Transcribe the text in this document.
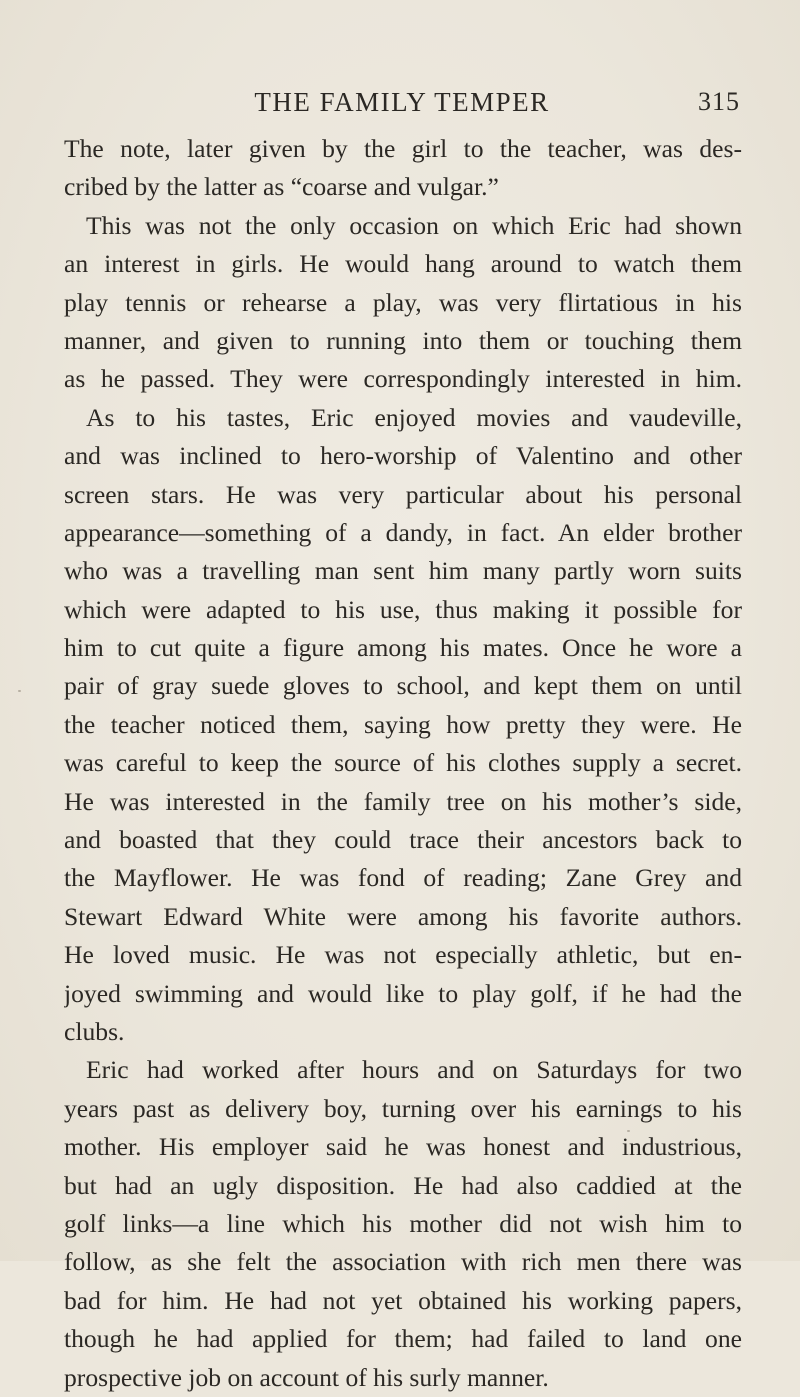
THE FAMILY TEMPER	315
The note, later given by the girl to the teacher, was des-
cribed by the latter as “coarse and vulgar.”
This was not the only occasion on which Eric had shown
an interest in girls. He would hang around to watch them
play tennis or rehearse a play, was very flirtatious in his
manner, and given to running into them or touching them
as he passed. They were correspondingly interested in him.
As to his tastes, Eric enjoyed movies and vaudeville,
and was inclined to hero-worship of Valentino and other
screen stars. He was very particular about his personal
appearance—something of a dandy, in fact. An elder brother
who was a travelling man sent him many partly worn suits
which were adapted to his use, thus making it possible for
him to cut quite a figure among his mates. Once he wore a
pair of gray suede gloves to school, and kept them on until
the teacher noticed them, saying how pretty they were. He
was careful to keep the source of his clothes supply a secret.
He was interested in the family tree on his mother’s side,
and boasted that they could trace their ancestors back to
the Mayflower. He was fond of reading; Zane Grey and
Stewart Edward White were among his favorite authors.
He loved music. He was not especially athletic, but en-
joyed swimming and would like to play golf, if he had the
clubs.
Eric had worked after hours and on Saturdays for two
years past as delivery boy, turning over his earnings to his
mother. His employer said he was honest and industrious,
but had an ugly disposition. He had also caddied at the
golf links—a line which his mother did not wish him to
follow, as she felt the association with rich men there was
bad for him. He had not yet obtained his working papers,
though he had applied for them; had failed to land one
prospective job on account of his surly manner.
